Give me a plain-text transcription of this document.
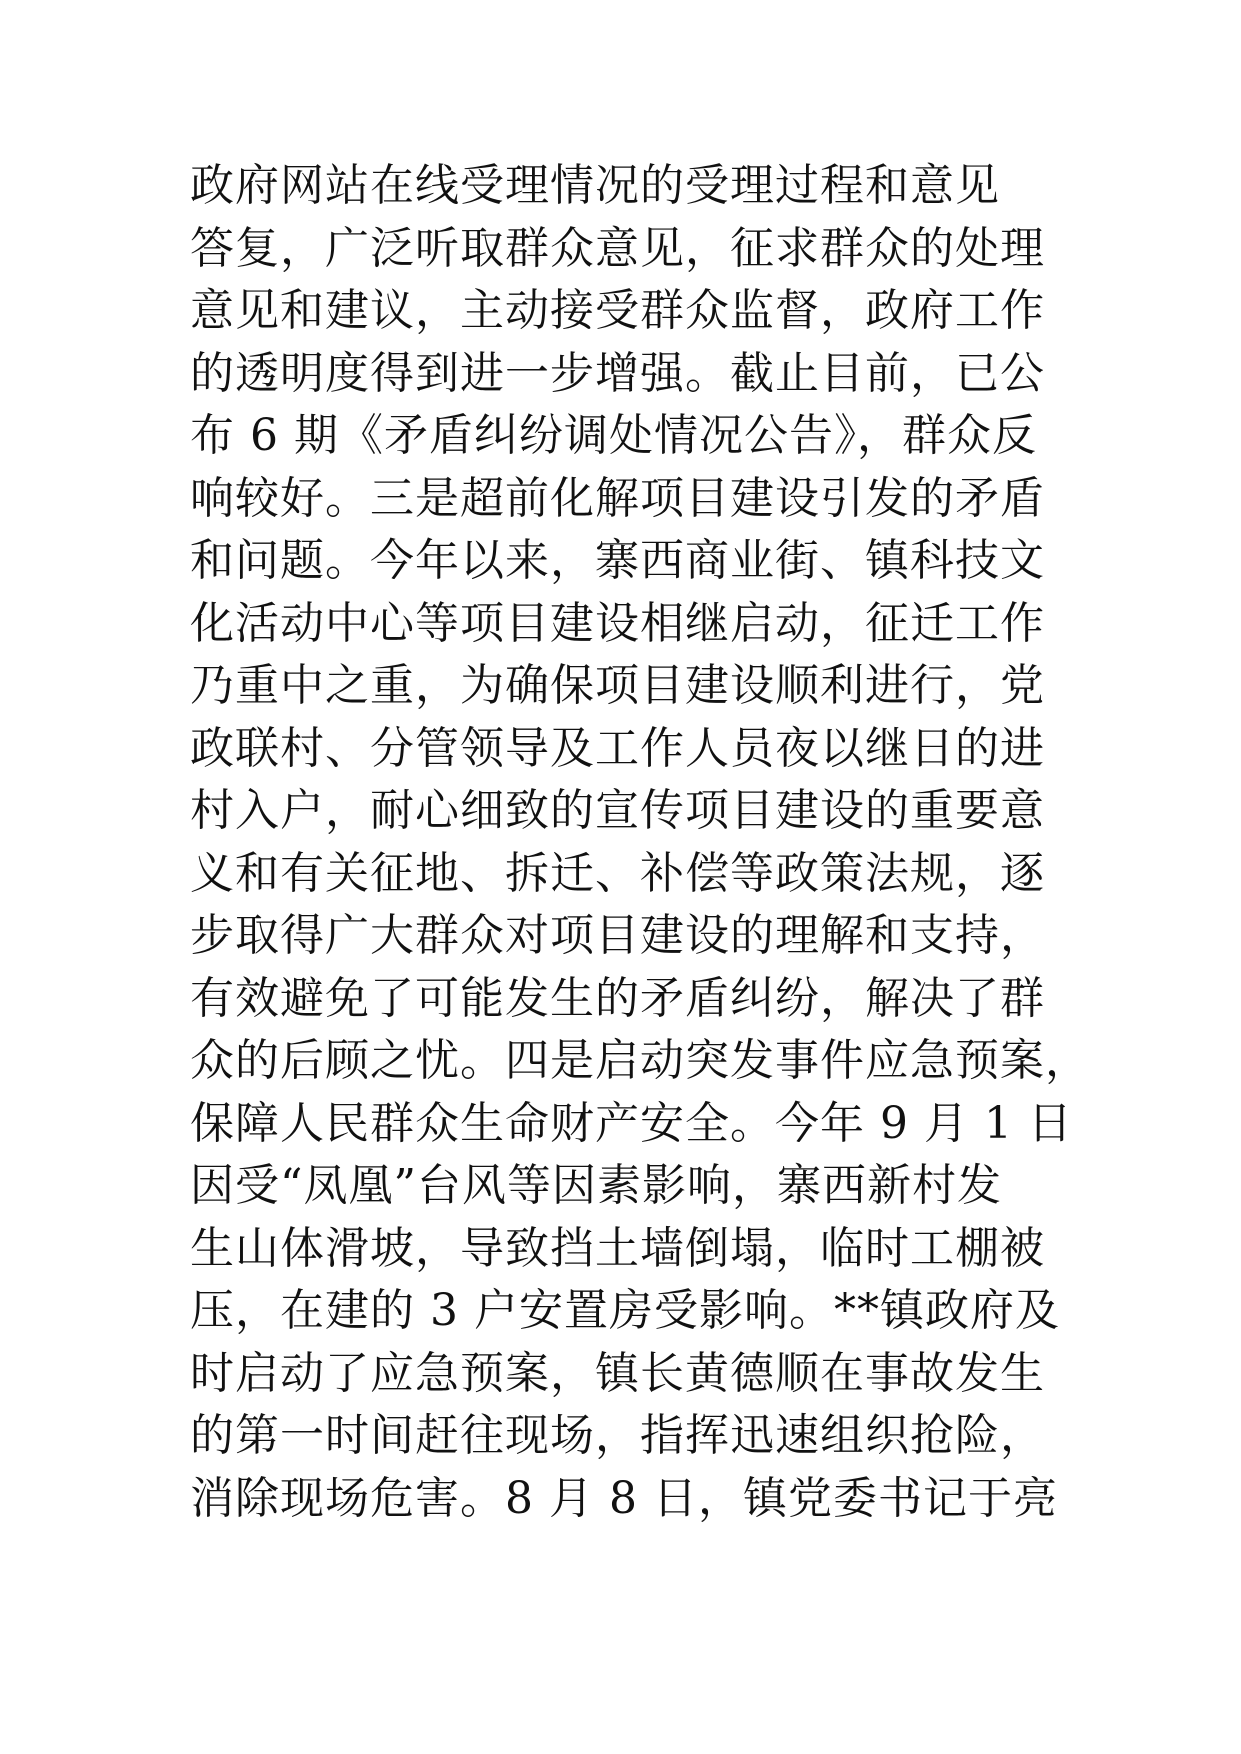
政府网站在线受理情况的受理过程和意见
答复，广泛听取群众意见，征求群众的处理
意见和建议，主动接受群众监督，政府工作
的透明度得到进一步增强。截止目前，已公
布 6 期《矛盾纠纷调处情况公告》，群众反
响较好。三是超前化解项目建设引发的矛盾
和问题。今年以来，寨西商业街、镇科技文
化活动中心等项目建设相继启动，征迁工作
乃重中之重，为确保项目建设顺利进行，党
政联村、分管领导及工作人员夜以继日的进
村入户，耐心细致的宣传项目建设的重要意
义和有关征地、拆迁、补偿等政策法规，逐
步取得广大群众对项目建设的理解和支持，
有效避免了可能发生的矛盾纠纷，解决了群
众的后顾之忧。四是启动突发事件应急预案，
保障人民群众生命财产安全。今年 9 月 1 日
因受“凤凰”台风等因素影响，寨西新村发
生山体滑坡，导致挡土墙倒塌，临时工棚被
压，在建的 3 户安置房受影响。**镇政府及
时启动了应急预案，镇长黄德顺在事故发生
的第一时间赶往现场，指挥迅速组织抢险，
消除现场危害。8 月 8 日，镇党委书记于亮
